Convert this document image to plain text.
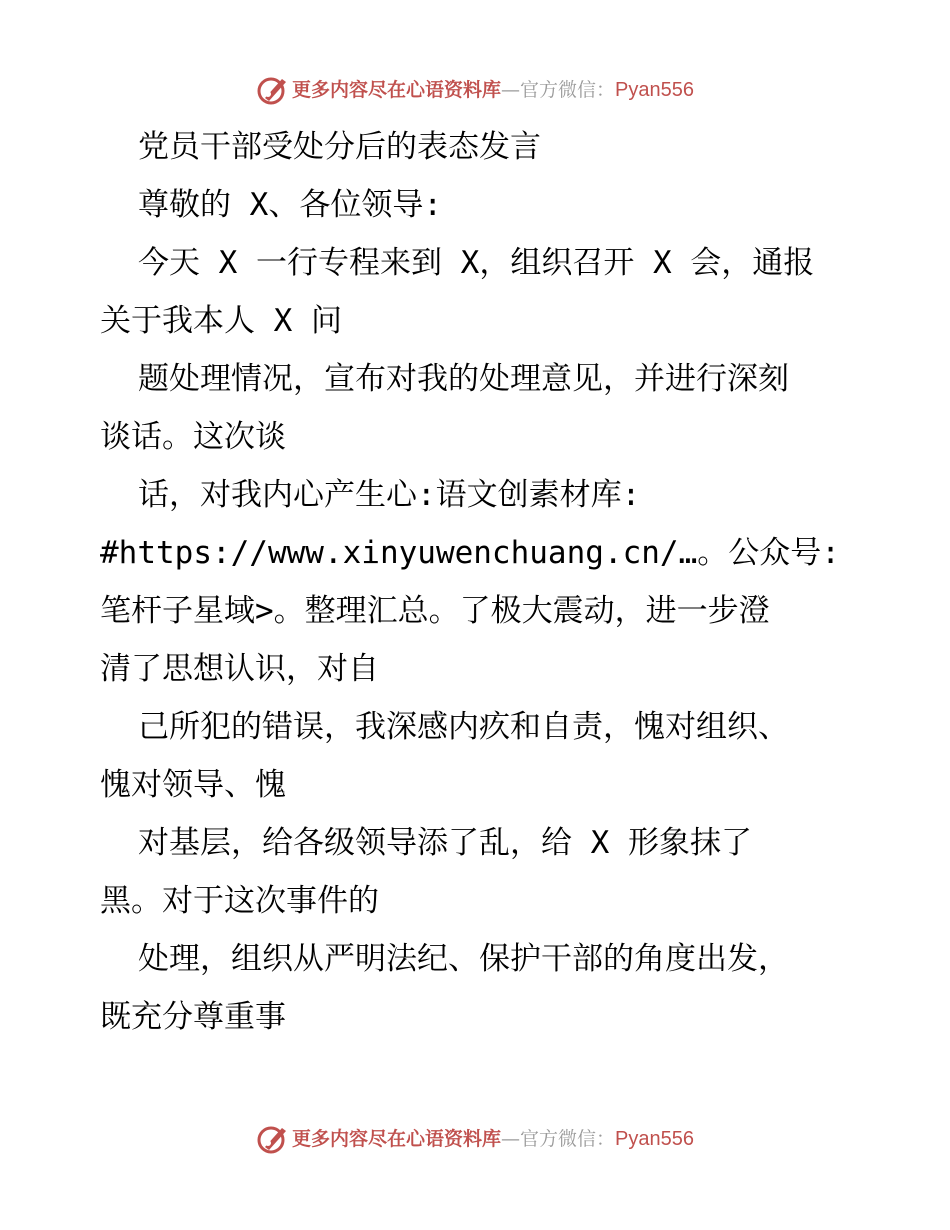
更多内容尽在心语资料库 — 官方微信： Pyan556
党员干部受处分后的表态发言
尊敬的 X、各位领导:
今天 X 一行专程来到 X，组织召开 X 会，通报
关于我本人 X 问
题处理情况，宣布对我的处理意见，并进行深刻
谈话。这次谈
话，对我内心产生心:语文创素材库:
#https://www.xinyuwenchuang.cn/…。公众号:
笔杆子星域>。整理汇总。了极大震动，进一步澄
清了思想认识，对自
己所犯的错误，我深感内疚和自责，愧对组织、
愧对领导、愧
对基层，给各级领导添了乱，给 X 形象抹了
黑。对于这次事件的
处理，组织从严明法纪、保护干部的角度出发，
既充分尊重事
更多内容尽在心语资料库 — 官方微信： Pyan556
